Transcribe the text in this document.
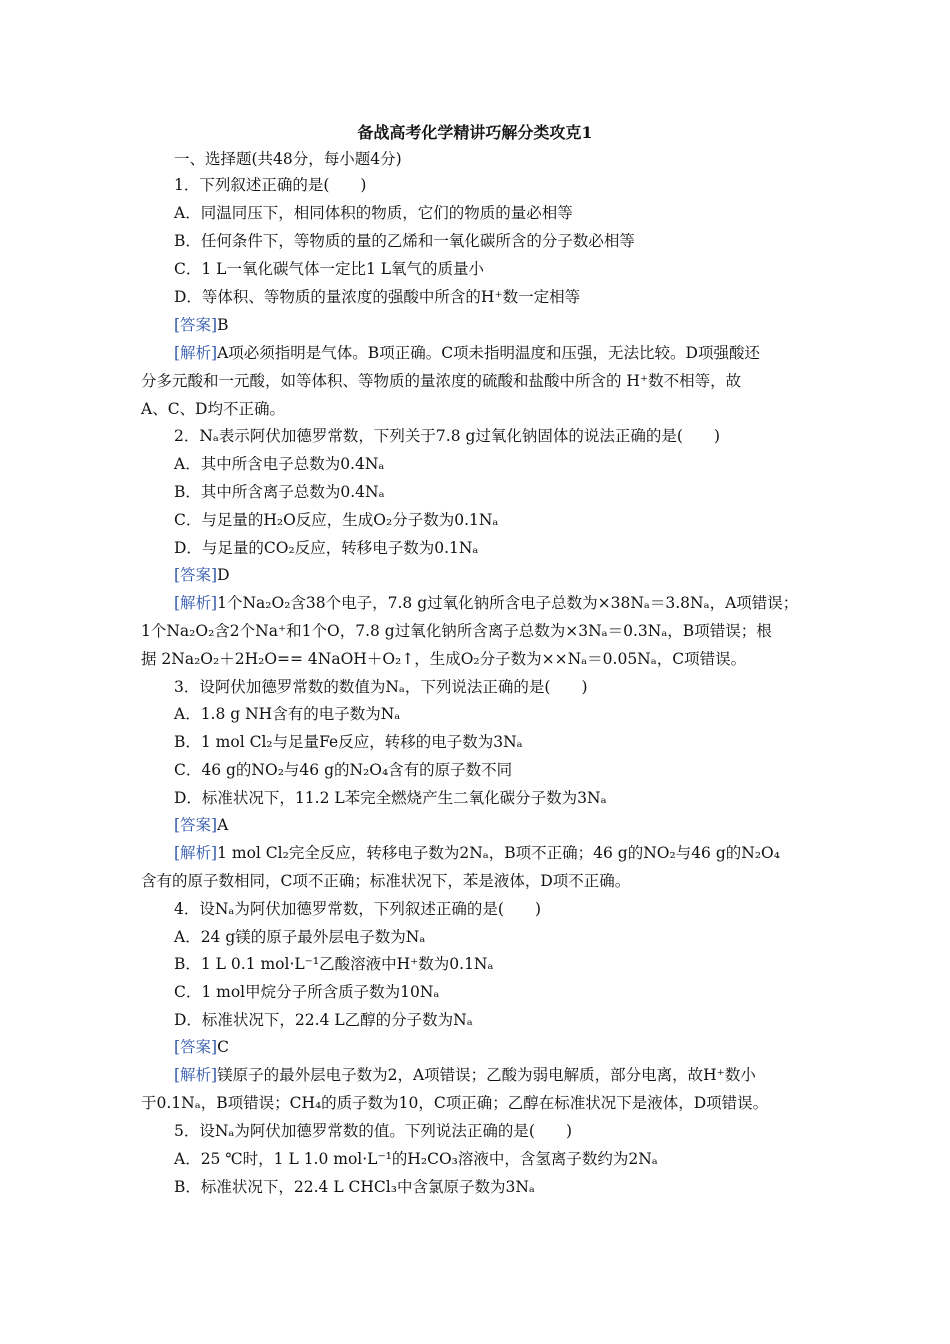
备战高考化学精讲巧解分类攻克1
一、选择题(共48分，每小题4分)
1．下列叙述正确的是(　　)
A．同温同压下，相同体积的物质，它们的物质的量必相等
B．任何条件下，等物质的量的乙烯和一氧化碳所含的分子数必相等
C．1 L一氧化碳气体一定比1 L氧气的质量小
D．等体积、等物质的量浓度的强酸中所含的H⁺数一定相等
[答案]B
[解析]A项必须指明是气体。B项正确。C项未指明温度和压强，无法比较。D项强酸还
分多元酸和一元酸，如等体积、等物质的量浓度的硫酸和盐酸中所含的 H⁺数不相等，故
A、C、D均不正确。
2．Nₐ表示阿伏加德罗常数，下列关于7.8 g过氧化钠固体的说法正确的是(　　)
A．其中所含电子总数为0.4Nₐ
B．其中所含离子总数为0.4Nₐ
C．与足量的H₂O反应，生成O₂分子数为0.1Nₐ
D．与足量的CO₂反应，转移电子数为0.1Nₐ
[答案]D
[解析]1个Na₂O₂含38个电子，7.8 g过氧化钠所含电子总数为×38Nₐ＝3.8Nₐ，A项错误；
1个Na₂O₂含2个Na⁺和1个O，7.8 g过氧化钠所含离子总数为×3Nₐ＝0.3Nₐ，B项错误；根
据 2Na₂O₂＋2H₂O== 4NaOH＋O₂↑，生成O₂分子数为××Nₐ＝0.05Nₐ，C项错误。
3．设阿伏加德罗常数的数值为Nₐ，下列说法正确的是(　　)
A．1.8 g NH含有的电子数为Nₐ
B．1 mol Cl₂与足量Fe反应，转移的电子数为3Nₐ
C．46 g的NO₂与46 g的N₂O₄含有的原子数不同
D．标准状况下，11.2 L苯完全燃烧产生二氧化碳分子数为3Nₐ
[答案]A
[解析]1 mol Cl₂完全反应，转移电子数为2Nₐ，B项不正确；46 g的NO₂与46 g的N₂O₄
含有的原子数相同，C项不正确；标准状况下，苯是液体，D项不正确。
4．设Nₐ为阿伏加德罗常数，下列叙述正确的是(　　)
A．24 g镁的原子最外层电子数为Nₐ
B．1 L 0.1 mol·L⁻¹乙酸溶液中H⁺数为0.1Nₐ
C．1 mol甲烷分子所含质子数为10Nₐ
D．标准状况下，22.4 L乙醇的分子数为Nₐ
[答案]C
[解析]镁原子的最外层电子数为2，A项错误；乙酸为弱电解质，部分电离，故H⁺数小
于0.1Nₐ，B项错误；CH₄的质子数为10，C项正确；乙醇在标准状况下是液体，D项错误。
5．设Nₐ为阿伏加德罗常数的值。下列说法正确的是(　　)
A．25 ℃时，1 L 1.0 mol·L⁻¹的H₂CO₃溶液中，含氢离子数约为2Nₐ
B．标准状况下，22.4 L CHCl₃中含氯原子数为3Nₐ
